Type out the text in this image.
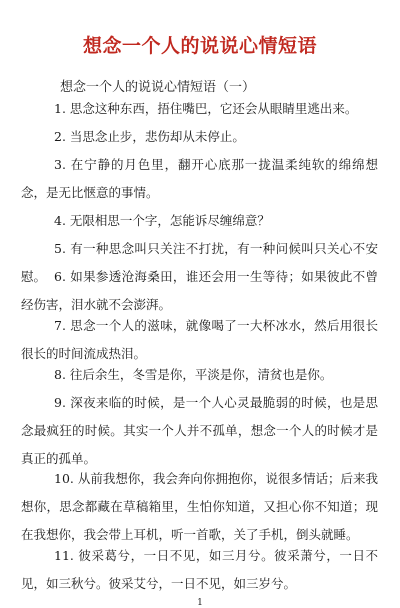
想念一个人的说说心情短语
想念一个人的说说心情短语（一）

1. 思念这种东西，捂住嘴巴，它还会从眼睛里逃出来。

2. 当思念止步，悲伤却从未停止。

3. 在宁静的月色里，翻开心底那一拢温柔纯软的绵绵想念，是无比惬意的事情。

4. 无限相思一个字，怎能诉尽缠绵意？

5. 有一种思念叫只关注不打扰，有一种问候叫只关心不安慰。 6. 如果参透沧海桑田，谁还会用一生等待；如果彼此不曾经伤害，泪水就不会澎湃。

7. 思念一个人的滋味，就像喝了一大杯冰水，然后用很长很长的时间流成热泪。

8. 往后余生，冬雪是你，平淡是你，清贫也是你。

9. 深夜来临的时候，是一个人心灵最脆弱的时候，也是思念最疯狂的时候。其实一个人并不孤单，想念一个人的时候才是真正的孤单。

10. 从前我想你，我会奔向你拥抱你，说很多情话；后来我想你，思念都藏在草稿箱里，生怕你知道，又担心你不知道；现在我想你，我会带上耳机，听一首歌，关了手机，倒头就睡。

11. 彼采葛兮，一日不见，如三月兮。彼采萧兮，一日不见，如三秋兮。彼采艾兮，一日不见，如三岁兮。

1
